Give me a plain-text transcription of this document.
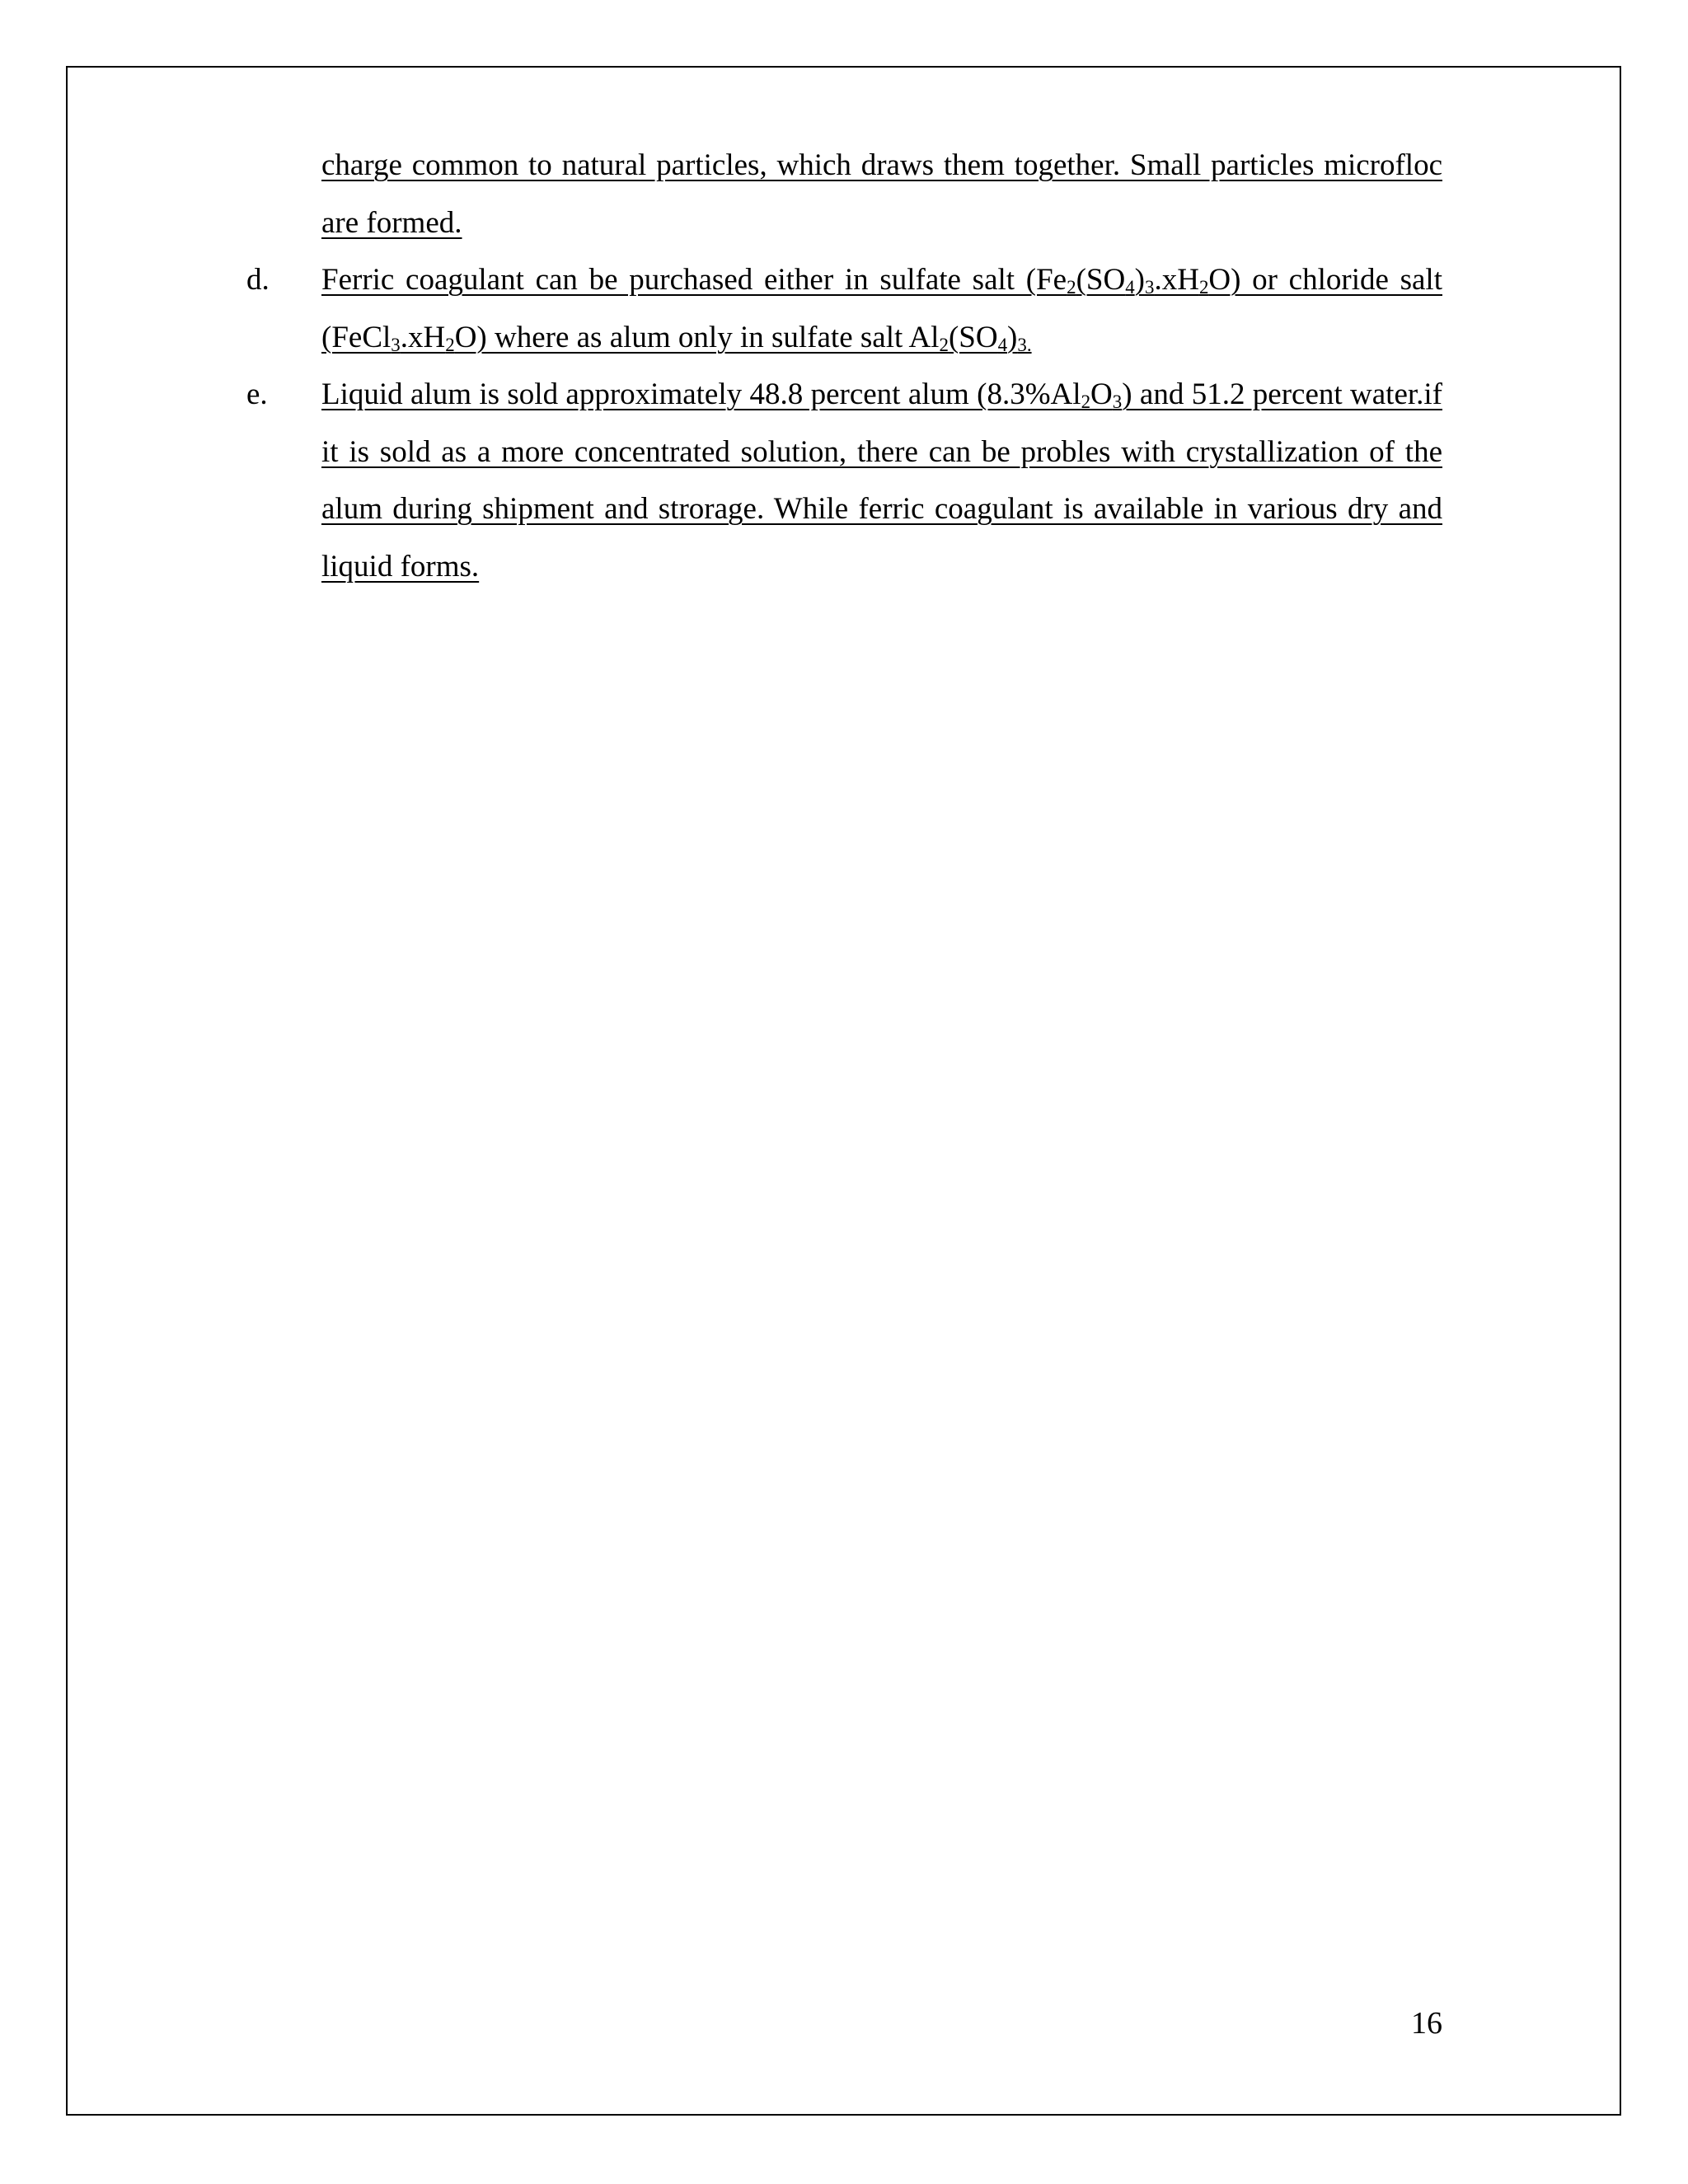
charge common to natural particles, which draws them together. Small particles microfloc are formed.
d. Ferric coagulant can be purchased either in sulfate salt $(Fe_2(SO_4)_3.xH_2O)$ or chloride salt $(FeCl_3.xH_2O)$ where as alum only in sulfate salt $Al_2(SO_4)_{3.}$
e. Liquid alum is sold approximately 48.8 percent alum $(8.3\%Al_2O_3)$ and 51.2 percent water.if it is sold as a more concentrated solution, there can be probles with crystallization of the alum during shipment and strorage. While ferric coagulant is available in various dry and liquid forms.
16
